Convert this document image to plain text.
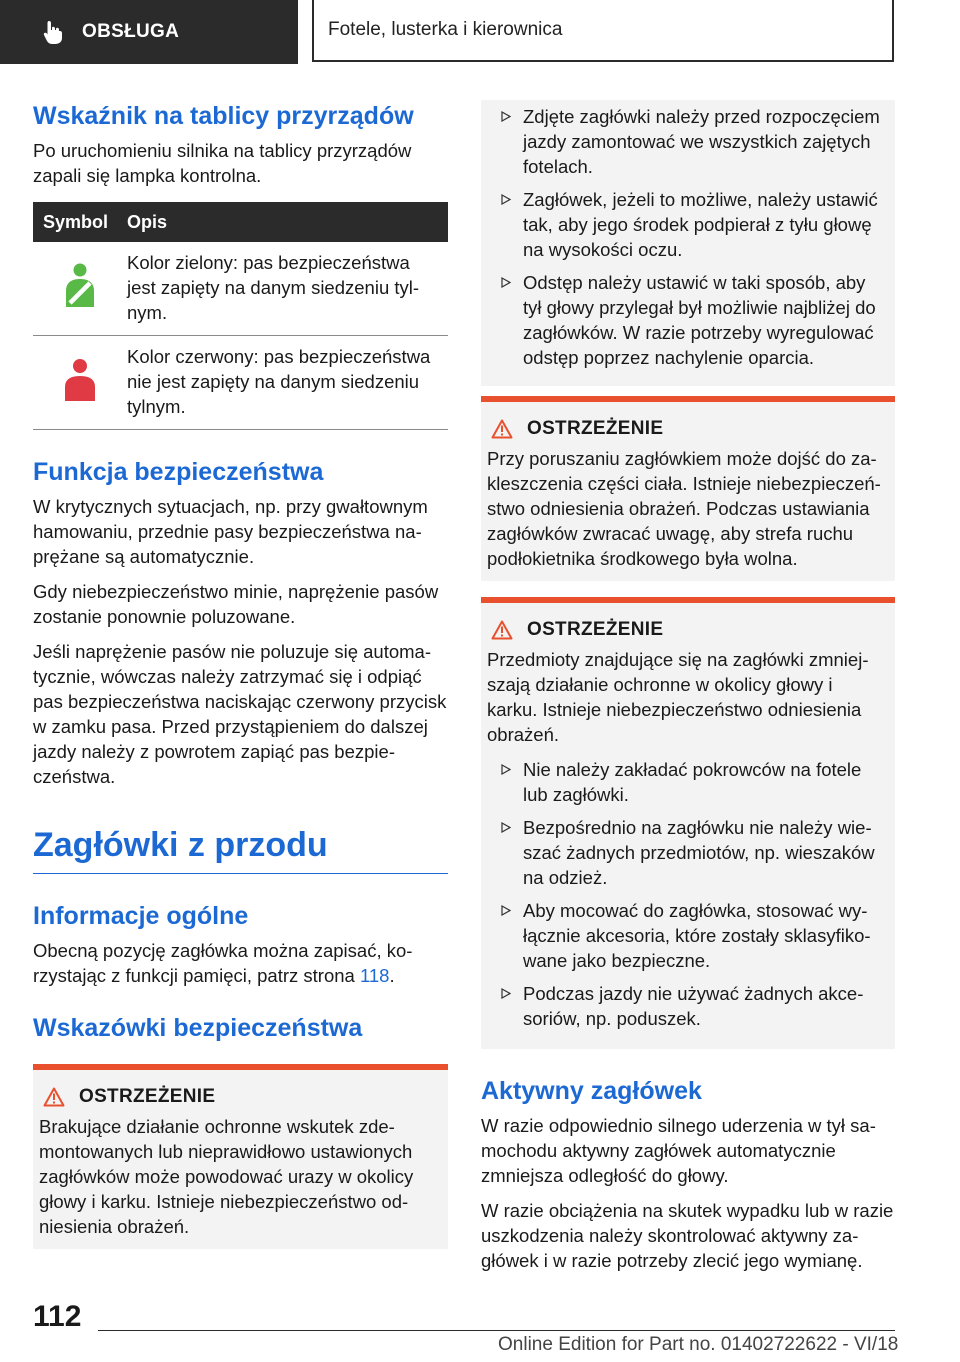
OBSŁUGA	Fotele, lusterka i kierownica
Wskaźnik na tablicy przyrządów

Po uruchomieniu silnika na tablicy przyrządów zapali się lampka kontrolna.

Symbol	Opis
	Kolor zielony: pas bezpieczeństwa jest zapięty na danym siedzeniu tylnym.
	Kolor czerwony: pas bezpieczeństwa nie jest zapięty na danym siedzeniu tylnym.
Funkcja bezpieczeństwa

W krytycznych sytuacjach, np. przy gwałtownym hamowaniu, przednie pasy bezpieczeństwa naprężane są automatycznie.

Gdy niebezpieczeństwo minie, naprężenie pasów zostanie ponownie poluzowane.

Jeśli naprężenie pasów nie poluzuje się automatycznie, wówczas należy zatrzymać się i odpiąć pas bezpieczeństwa naciskając czerwony przycisk w zamku pasa. Przed przystąpieniem do dalszej jazdy należy z powrotem zapiąć pas bezpieczeństwa.

Zagłówki z przodu
Informacje ogólne

Obecną pozycję zagłówka można zapisać, korzystając z funkcji pamięci, patrz strona 118.

Wskazówki bezpieczeństwa
OSTRZEŻENIE

Brakujące działanie ochronne wskutek zdemontowanych lub nieprawidłowo ustawionych zagłówków może powodować urazy w okolicy głowy i karku. Istnieje niebezpieczeństwo odniesienia obrażeń.

Zdjęte zagłówki należy przed rozpoczęciem jazdy zamontować we wszystkich zajętych fotelach.
Zagłówek, jeżeli to możliwe, należy ustawić tak, aby jego środek podpierał z tyłu głowę na wysokości oczu.
Odstęp należy ustawić w taki sposób, aby tył głowy przylegał był możliwie najbliżej do zagłówków. W razie potrzeby wyregulować odstęp poprzez nachylenie oparcia.
OSTRZEŻENIE

Przy poruszaniu zagłówkiem może dojść do zakleszczenia części ciała. Istnieje niebezpieczeństwo odniesienia obrażeń. Podczas ustawiania zagłówków zwracać uwagę, aby strefa ruchu podłokietnika środkowego była wolna.

OSTRZEŻENIE

Przedmioty znajdujące się na zagłówki zmniejszają działanie ochronne w okolicy głowy i karku. Istnieje niebezpieczeństwo odniesienia obrażeń.

Nie należy zakładać pokrowców na fotele lub zagłówki.
Bezpośrednio na zagłówku nie należy wieszać żadnych przedmiotów, np. wieszaków na odzież.
Aby mocować do zagłówka, stosować wyłącznie akcesoria, które zostały sklasyfikowane jako bezpieczne.
Podczas jazdy nie używać żadnych akcesoriów, np. poduszek.
Aktywny zagłówek

W razie odpowiednio silnego uderzenia w tył samochodu aktywny zagłówek automatycznie zmniejsza odległość do głowy.

W razie obciążenia na skutek wypadku lub w razie uszkodzenia należy skontrolować aktywny zagłówek i w razie potrzeby zlecić jego wymianę.

112
Online Edition for Part no. 01402722622 - VI/18
